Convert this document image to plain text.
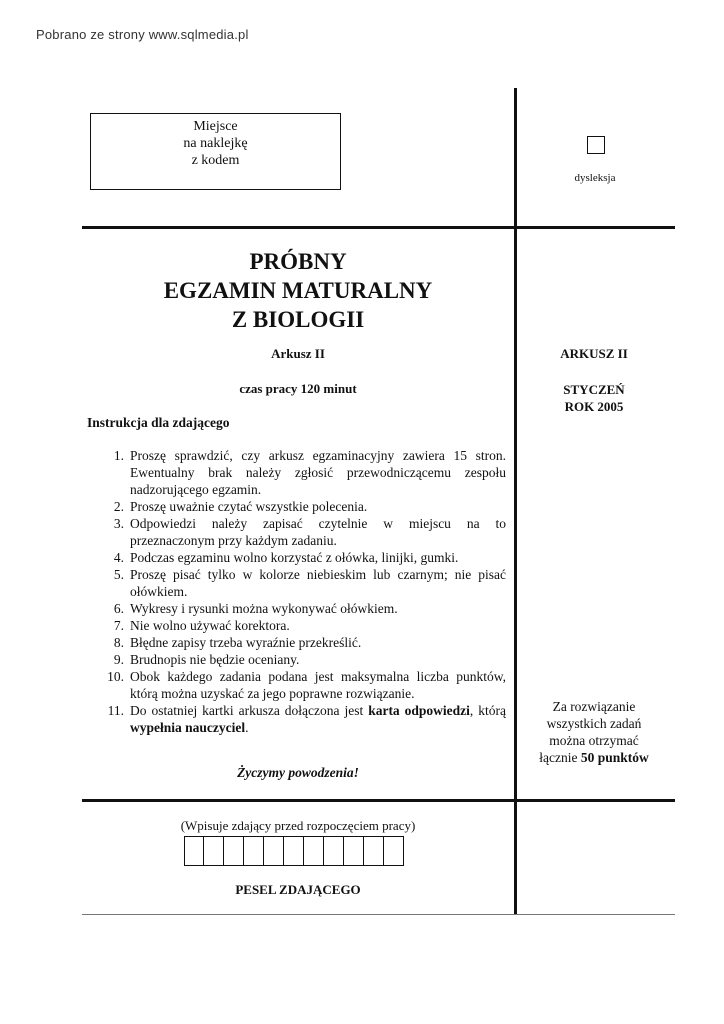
Pobrano ze strony www.sqlmedia.pl
Miejsce
na naklejkę
z kodem
dysleksja
PRÓBNY
EGZAMIN MATURALNY
Z BIOLOGII
Arkusz II
czas pracy 120 minut
Instrukcja dla zdającego
1. Proszę sprawdzić, czy arkusz egzaminacyjny zawiera 15 stron. Ewentualny brak należy zgłosić przewodniczącemu zespołu nadzorującego egzamin.
2. Proszę uważnie czytać wszystkie polecenia.
3. Odpowiedzi należy zapisać czytelnie w miejscu na to przeznaczonym przy każdym zadaniu.
4. Podczas egzaminu wolno korzystać z ołówka, linijki, gumki.
5. Proszę pisać tylko w kolorze niebieskim lub czarnym; nie pisać ołówkiem.
6. Wykresy i rysunki można wykonywać ołówkiem.
7. Nie wolno używać korektora.
8. Błędne zapisy trzeba wyraźnie przekreślić.
9. Brudnopis nie będzie oceniany.
10. Obok każdego zadania podana jest maksymalna liczba punktów, którą można uzyskać za jego poprawne rozwiązanie.
11. Do ostatniej kartki arkusza dołączona jest karta odpowiedzi, którą wypełnia nauczyciel.
Życzymy powodzenia!
ARKUSZ II
STYCZEŃ
ROK 2005
Za rozwiązanie
wszystkich zadań
można otrzymać
łącznie 50 punktów
(Wpisuje zdający przed rozpoczęciem pracy)
PESEL ZDAJĄCEGO
